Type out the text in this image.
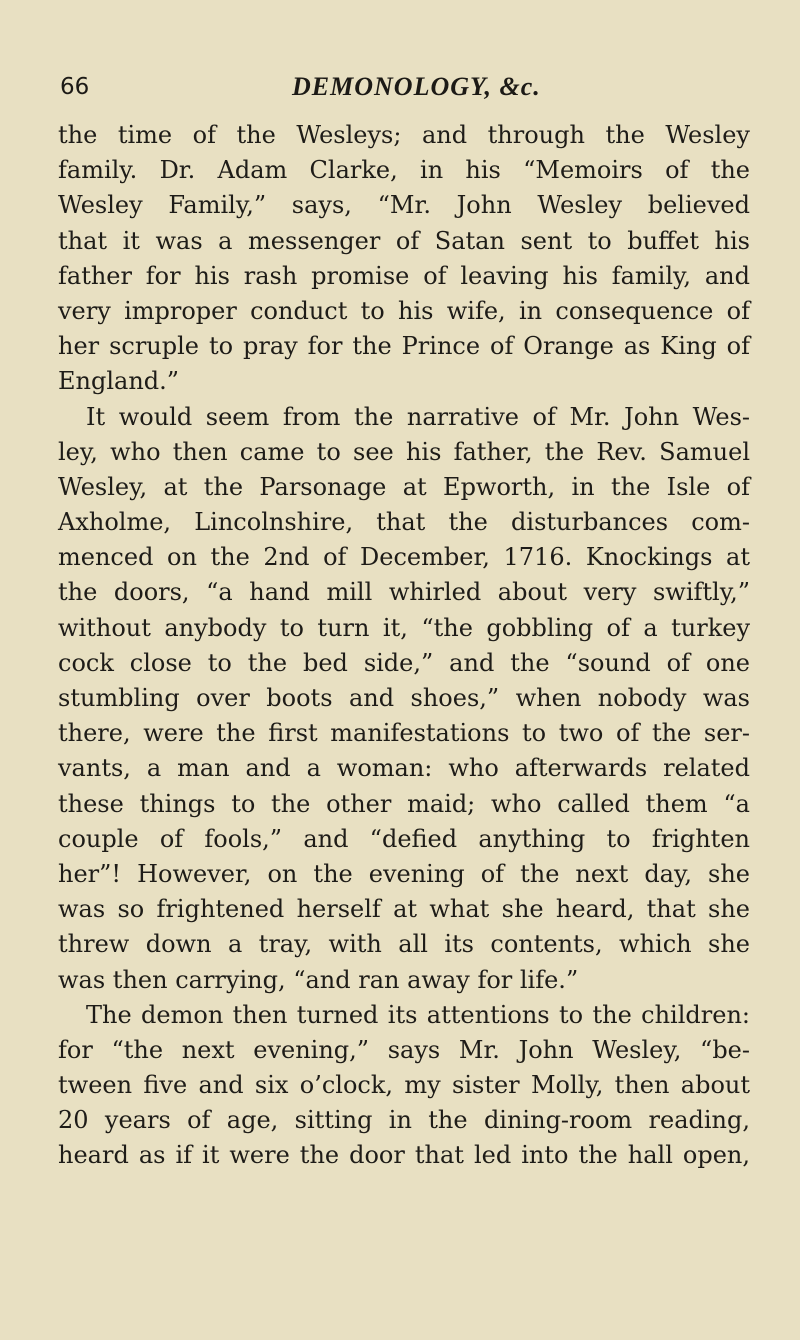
66	DEMONOLOGY, &c.
the time of the Wesleys; and through the Wesley
family. Dr. Adam Clarke, in his “Memoirs of the
Wesley Family,” says, “Mr. John Wesley believed
that it was a messenger of Satan sent to buffet his
father for his rash promise of leaving his family, and
very improper conduct to his wife, in consequence of
her scruple to pray for the Prince of Orange as King of
England.”
It would seem from the narrative of Mr. John Wes-
ley, who then came to see his father, the Rev. Samuel
Wesley, at the Parsonage at Epworth, in the Isle of
Axholme, Lincolnshire, that the disturbances com-
menced on the 2nd of December, 1716. Knockings at
the doors, “a hand mill whirled about very swiftly,”
without anybody to turn it, “the gobbling of a turkey
cock close to the bed side,” and the “sound of one
stumbling over boots and shoes,” when nobody was
there, were the first manifestations to two of the ser-
vants, a man and a woman: who afterwards related
these things to the other maid; who called them “a
couple of fools,” and “defied anything to frighten
her”! However, on the evening of the next day, she
was so frightened herself at what she heard, that she
threw down a tray, with all its contents, which she
was then carrying, “and ran away for life.”
The demon then turned its attentions to the children:
for “the next evening,” says Mr. John Wesley, “be-
tween five and six o’clock, my sister Molly, then about
20 years of age, sitting in the dining-room reading,
heard as if it were the door that led into the hall open,
